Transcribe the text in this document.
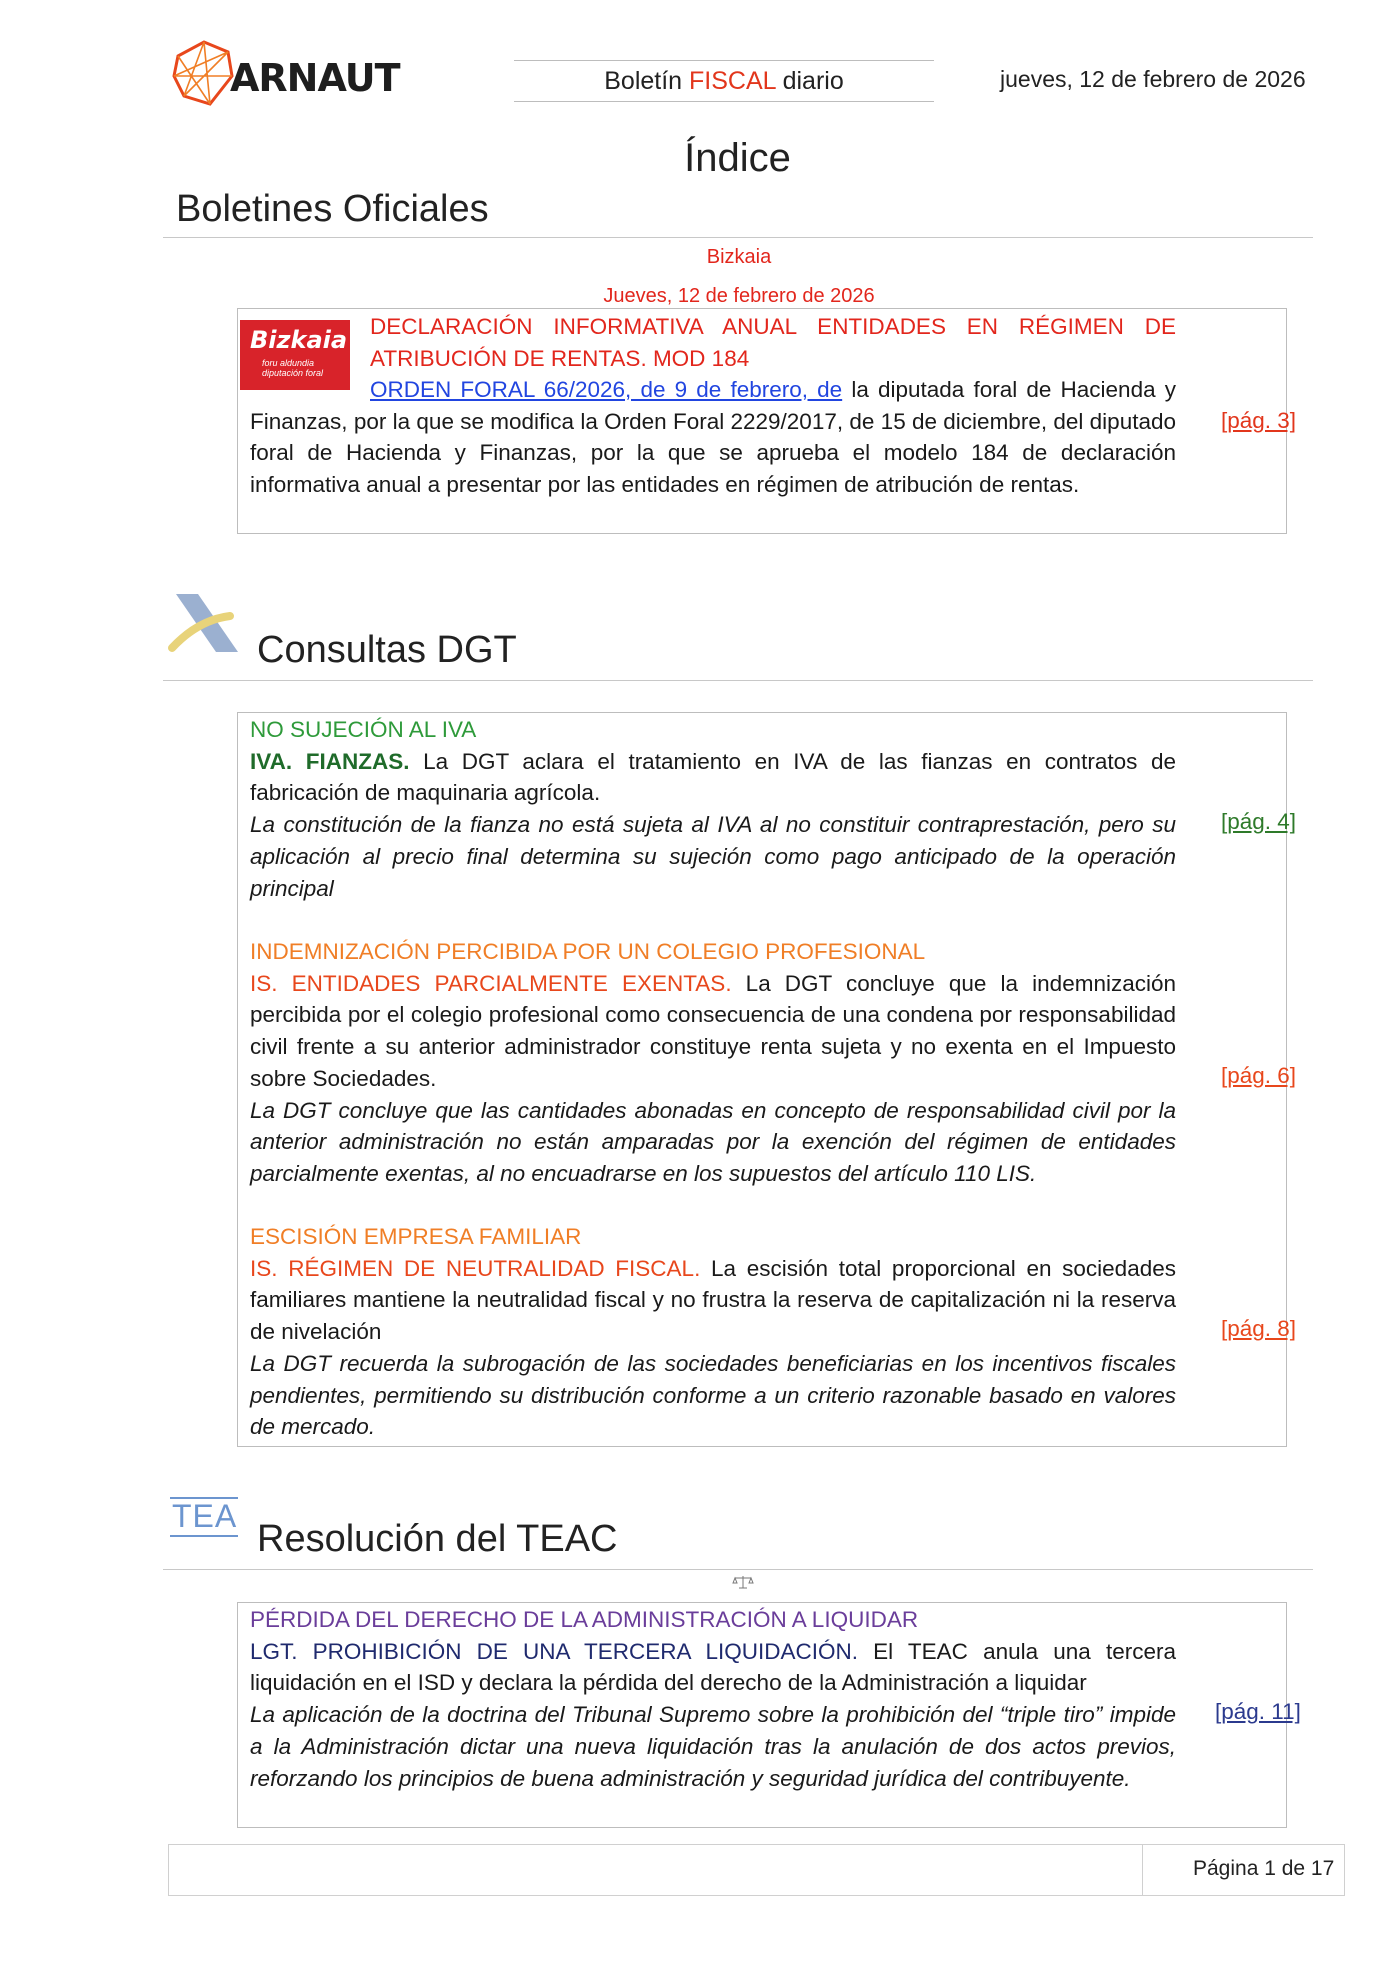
ARNAUT	Boletín FISCAL diario	jueves, 12 de febrero de 2026
Índice
Boletines Oficiales
Bizkaia
Jueves, 12 de febrero de 2026
Bizkaia
foru aldundia
diputación foral
DECLARACIÓN INFORMATIVA ANUAL ENTIDADES EN RÉGIMEN DE ATRIBUCIÓN DE RENTAS. MOD 184
ORDEN FORAL 66/2026, de 9 de febrero, de la diputada foral de Hacienda y Finanzas, por la que se modifica la Orden Foral 2229/2017, de 15 de diciembre, del diputado foral de Hacienda y Finanzas, por la que se aprueba el modelo 184 de declaración informativa anual a presentar por las entidades en régimen de atribución de rentas.
[pág. 3]
Consultas DGT
NO SUJECIÓN AL IVA
IVA. FIANZAS. La DGT aclara el tratamiento en IVA de las fianzas en contratos de fabricación de maquinaria agrícola.
La constitución de la fianza no está sujeta al IVA al no constituir contraprestación, pero su aplicación al precio final determina su sujeción como pago anticipado de la operación principal
[pág. 4]
INDEMNIZACIÓN PERCIBIDA POR UN COLEGIO PROFESIONAL
IS. ENTIDADES PARCIALMENTE EXENTAS. La DGT concluye que la indemnización percibida por el colegio profesional como consecuencia de una condena por responsabilidad civil frente a su anterior administrador constituye renta sujeta y no exenta en el Impuesto sobre Sociedades.
La DGT concluye que las cantidades abonadas en concepto de responsabilidad civil por la anterior administración no están amparadas por la exención del régimen de entidades parcialmente exentas, al no encuadrarse en los supuestos del artículo 110 LIS.
[pág. 6]
ESCISIÓN EMPRESA FAMILIAR
IS. RÉGIMEN DE NEUTRALIDAD FISCAL. La escisión total proporcional en sociedades familiares mantiene la neutralidad fiscal y no frustra la reserva de capitalización ni la reserva de nivelación
La DGT recuerda la subrogación de las sociedades beneficiarias en los incentivos fiscales pendientes, permitiendo su distribución conforme a un criterio razonable basado en valores de mercado.
[pág. 8]
TEA
Resolución del TEAC
PÉRDIDA DEL DERECHO DE LA ADMINISTRACIÓN A LIQUIDAR
LGT. PROHIBICIÓN DE UNA TERCERA LIQUIDACIÓN. El TEAC anula una tercera liquidación en el ISD y declara la pérdida del derecho de la Administración a liquidar
La aplicación de la doctrina del Tribunal Supremo sobre la prohibición del “triple tiro” impide a la Administración dictar una nueva liquidación tras la anulación de dos actos previos, reforzando los principios de buena administración y seguridad jurídica del contribuyente.
[pág. 11]
Página 1 de 17
